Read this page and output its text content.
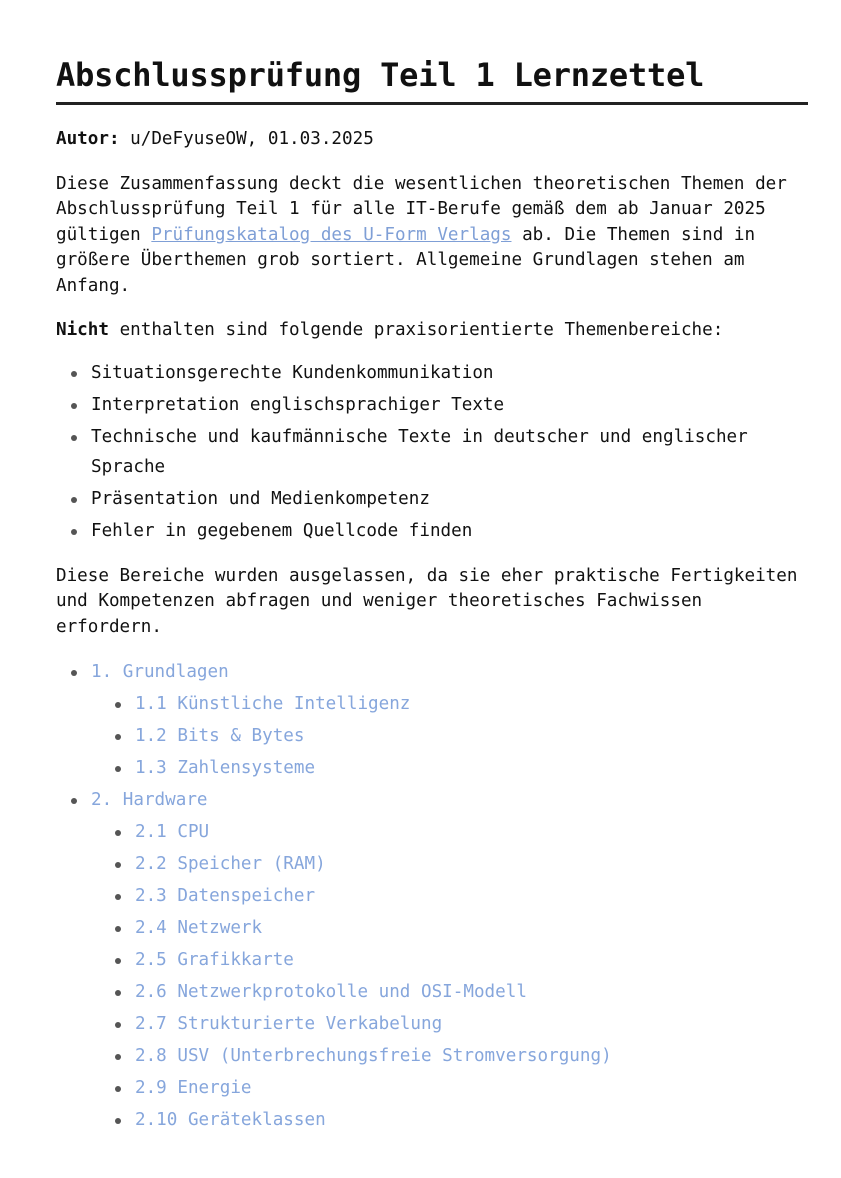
Abschlussprüfung Teil 1 Lernzettel

Autor: u/DeFyuseOW, 01.03.2025

Diese Zusammenfassung deckt die wesentlichen theoretischen Themen der Abschlussprüfung Teil 1 für alle IT-Berufe gemäß dem ab Januar 2025 gültigen Prüfungskatalog des U-Form Verlags ab. Die Themen sind in größere Überthemen grob sortiert. Allgemeine Grundlagen stehen am Anfang.

Nicht enthalten sind folgende praxisorientierte Themenbereiche:

Situationsgerechte Kundenkommunikation
Interpretation englischsprachiger Texte
Technische und kaufmännische Texte in deutscher und englischer Sprache
Präsentation und Medienkompetenz
Fehler in gegebenem Quellcode finden

Diese Bereiche wurden ausgelassen, da sie eher praktische Fertigkeiten und Kompetenzen abfragen und weniger theoretisches Fachwissen erfordern.

1. Grundlagen
1.1 Künstliche Intelligenz
1.2 Bits & Bytes
1.3 Zahlensysteme
2. Hardware
2.1 CPU
2.2 Speicher (RAM)
2.3 Datenspeicher
2.4 Netzwerk
2.5 Grafikkarte
2.6 Netzwerkprotokolle und OSI-Modell
2.7 Strukturierte Verkabelung
2.8 USV (Unterbrechungsfreie Stromversorgung)
2.9 Energie
2.10 Geräteklassen
